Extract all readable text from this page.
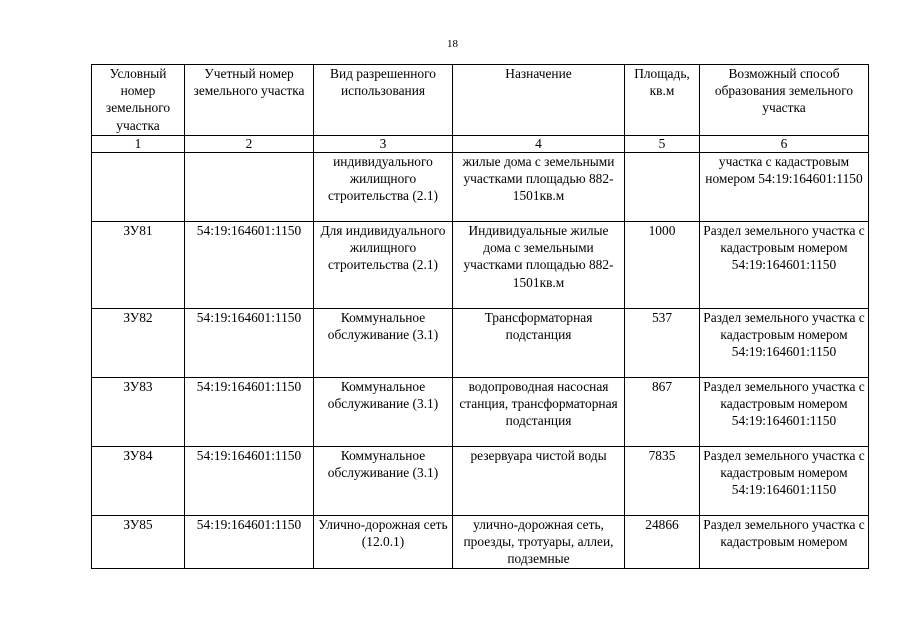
18
Условный номер земельного участка	Учетный номер земельного участка	Вид разрешенного использования	Назначение	Площадь, кв.м	Возможный способ образования земельного участка
1	2	3	4	5	6
		индивидуального жилищного строительства (2.1)	жилые дома с земельными участками площадью 882-1501кв.м		участка с кадастровым номером 54:19:164601:1150
ЗУ81	54:19:164601:1150	Для индивидуального жилищного строительства (2.1)	Индивидуальные жилые дома с земельными участками площадью 882-1501кв.м	1000	Раздел земельного участка с кадастровым номером 54:19:164601:1150
ЗУ82	54:19:164601:1150	Коммунальное обслуживание (3.1)	Трансформаторная подстанция	537	Раздел земельного участка с кадастровым номером 54:19:164601:1150
ЗУ83	54:19:164601:1150	Коммунальное обслуживание (3.1)	водопроводная насосная станция, трансформаторная подстанция	867	Раздел земельного участка с кадастровым номером 54:19:164601:1150
ЗУ84	54:19:164601:1150	Коммунальное обслуживание (3.1)	резервуара чистой воды	7835	Раздел земельного участка с кадастровым номером 54:19:164601:1150
ЗУ85	54:19:164601:1150	Улично-дорожная сеть (12.0.1)	улично-дорожная сеть, проезды, тротуары, аллеи, подземные	24866	Раздел земельного участка с кадастровым номером
